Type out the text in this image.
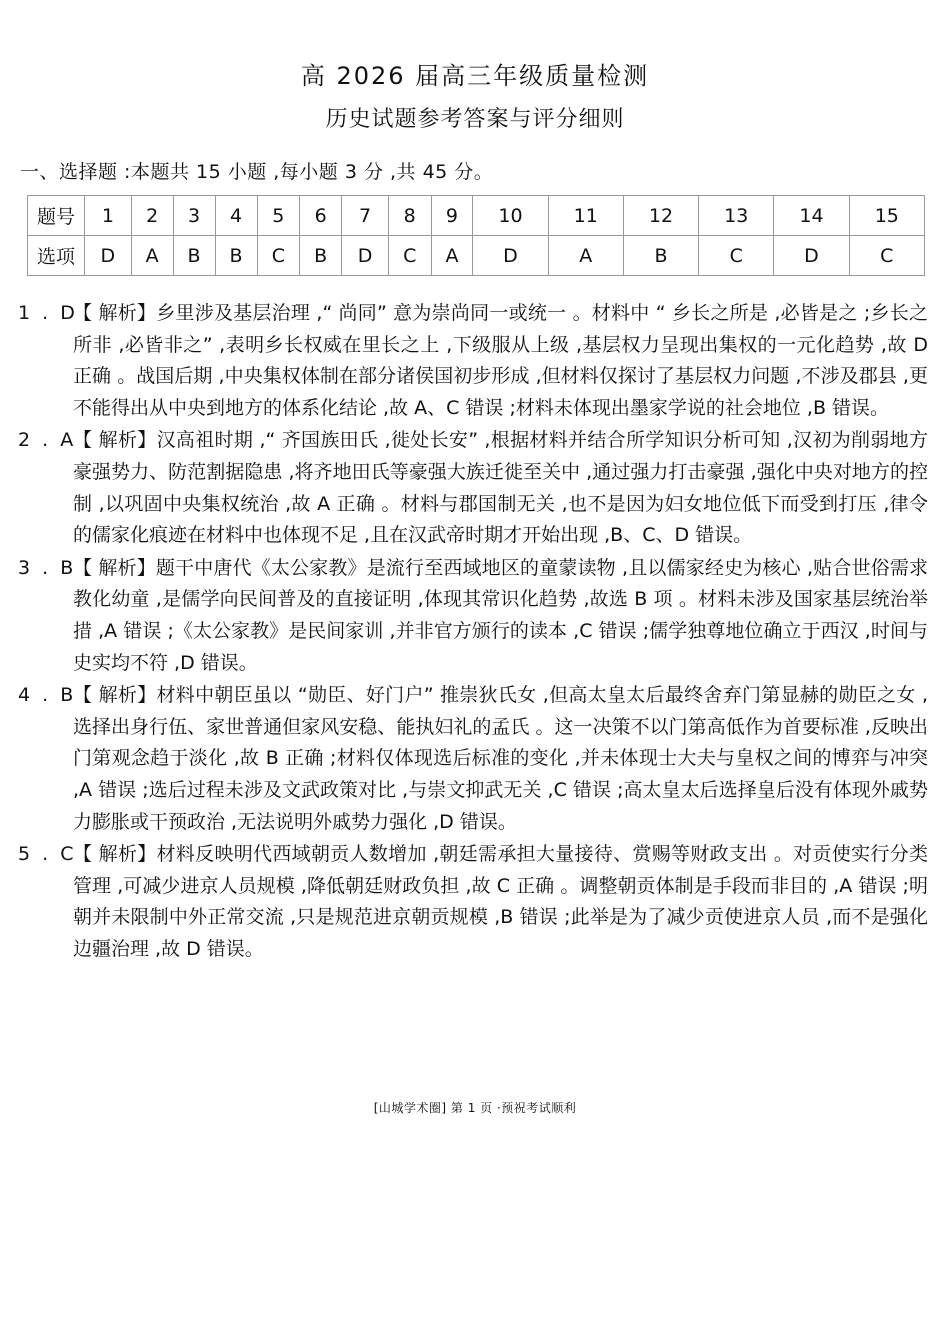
高 2026 届高三年级质量检测
历史试题参考答案与评分细则
一、选择题 :本题共 15 小题 ,每小题 3 分 ,共 45 分。
题号	1	2	3	4	5	6	7	8	9	10	11	12	13	14	15
选项	D	A	B	B	C	B	D	C	A	D	A	B	C	D	C
1 . D
【 解析】乡里涉及基层治理 ,“ 尚同” 意为崇尚同一或统一 。材料中 “ 乡长之所是 ,必皆是之 ;乡长之所非 ,必皆非之” ,表明乡长权威在里长之上 ,下级服从上级 ,基层权力呈现出集权的一元化趋势 ,故 D 正确 。战国后期 ,中央集权体制在部分诸侯国初步形成 ,但材料仅探讨了基层权力问题 ,不涉及郡县 ,更不能得出从中央到地方的体系化结论 ,故 A、C 错误 ;材料未体现出墨家学说的社会地位 ,B 错误。
2 . A
【 解析】汉高祖时期 ,“ 齐国族田氏 ,徙处长安” ,根据材料并结合所学知识分析可知 ,汉初为削弱地方豪强势力、防范割据隐患 ,将齐地田氏等豪强大族迁徙至关中 ,通过强力打击豪强 ,强化中央对地方的控制 ,以巩固中央集权统治 ,故 A 正确 。材料与郡国制无关 ,也不是因为妇女地位低下而受到打压 ,律令的儒家化痕迹在材料中也体现不足 ,且在汉武帝时期才开始出现 ,B、C、D 错误。
3 . B
【 解析】题干中唐代《太公家教》是流行至西域地区的童蒙读物 ,且以儒家经史为核心 ,贴合世俗需求教化幼童 ,是儒学向民间普及的直接证明 ,体现其常识化趋势 ,故选 B 项 。材料未涉及国家基层统治举措 ,A 错误 ;《太公家教》是民间家训 ,并非官方颁行的读本 ,C 错误 ;儒学独尊地位确立于西汉 ,时间与史实均不符 ,D 错误。
4 . B
【 解析】材料中朝臣虽以 “勋臣、好门户” 推崇狄氏女 ,但高太皇太后最终舍弃门第显赫的勋臣之女 ,选择出身行伍、家世普通但家风安稳、能执妇礼的孟氏 。这一决策不以门第高低作为首要标准 ,反映出门第观念趋于淡化 ,故 B 正确 ;材料仅体现选后标准的变化 ,并未体现士大夫与皇权之间的博弈与冲突 ,A 错误 ;选后过程未涉及文武政策对比 ,与崇文抑武无关 ,C 错误 ;高太皇太后选择皇后没有体现外戚势力膨胀或干预政治 ,无法说明外戚势力强化 ,D 错误。
5 . C
【 解析】材料反映明代西域朝贡人数增加 ,朝廷需承担大量接待、赏赐等财政支出 。对贡使实行分类管理 ,可减少进京人员规模 ,降低朝廷财政负担 ,故 C 正确 。调整朝贡体制是手段而非目的 ,A 错误 ;明朝并未限制中外正常交流 ,只是规范进京朝贡规模 ,B 错误 ;此举是为了减少贡使进京人员 ,而不是强化边疆治理 ,故 D 错误。
[山城学术圈] 第 1 页 ·预祝考试顺利
